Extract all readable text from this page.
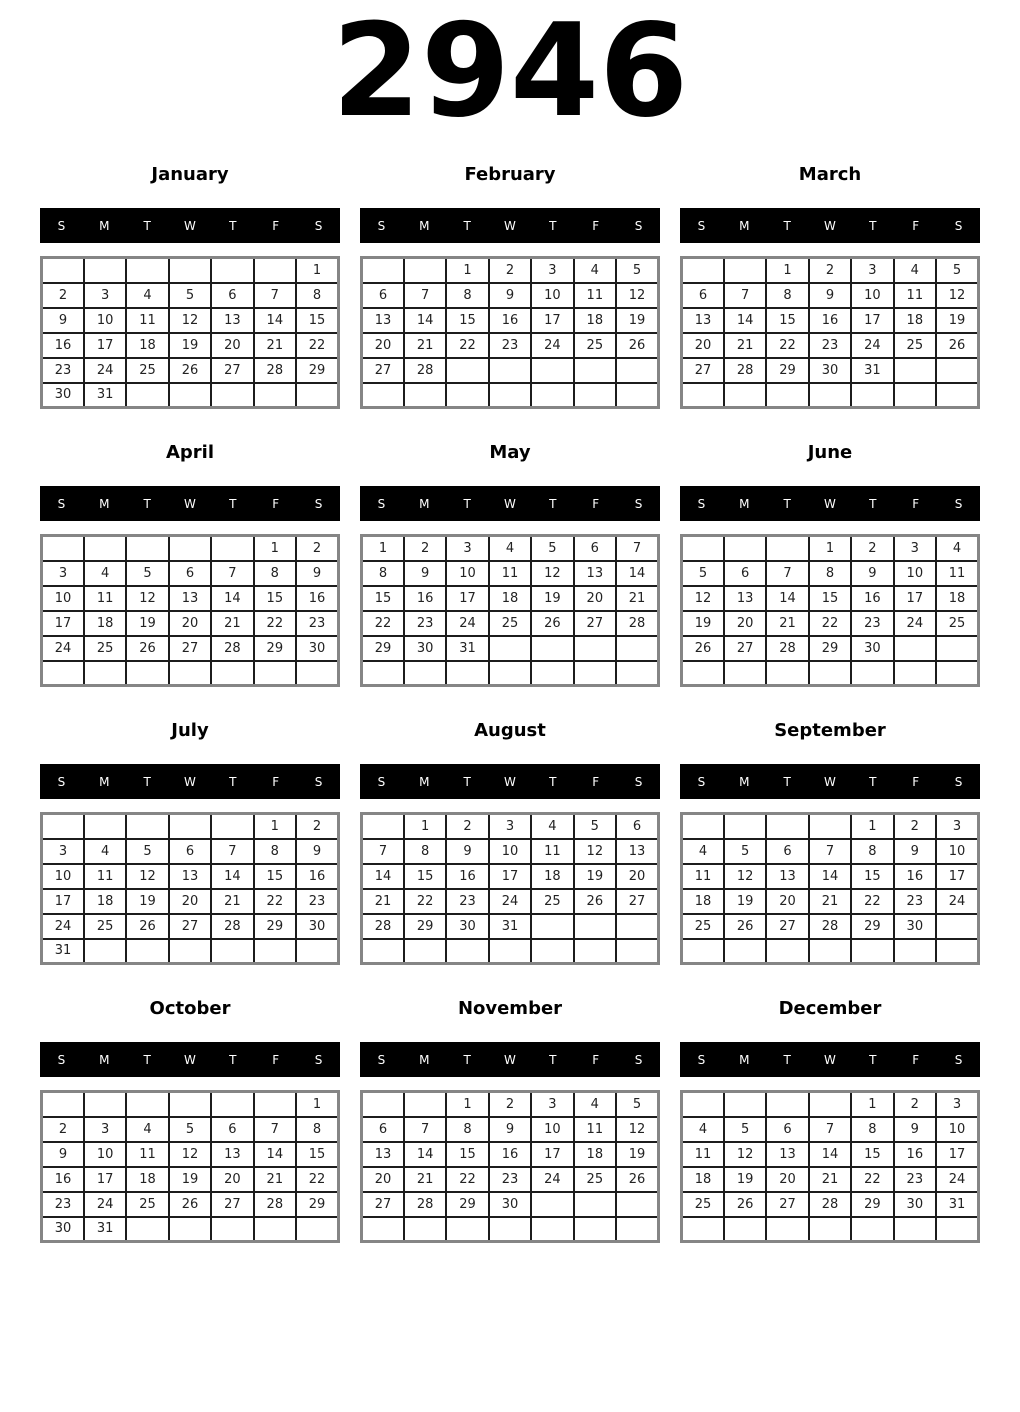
2946
January
S	M	T	W	T	F	S
						1
2	3	4	5	6	7	8
9	10	11	12	13	14	15
16	17	18	19	20	21	22
23	24	25	26	27	28	29
30	31					
February
S	M	T	W	T	F	S
		1	2	3	4	5
6	7	8	9	10	11	12
13	14	15	16	17	18	19
20	21	22	23	24	25	26
27	28					

March
S	M	T	W	T	F	S
		1	2	3	4	5
6	7	8	9	10	11	12
13	14	15	16	17	18	19
20	21	22	23	24	25	26
27	28	29	30	31		

April
S	M	T	W	T	F	S
					1	2
3	4	5	6	7	8	9
10	11	12	13	14	15	16
17	18	19	20	21	22	23
24	25	26	27	28	29	30

May
S	M	T	W	T	F	S
1	2	3	4	5	6	7
8	9	10	11	12	13	14
15	16	17	18	19	20	21
22	23	24	25	26	27	28
29	30	31				

June
S	M	T	W	T	F	S
			1	2	3	4
5	6	7	8	9	10	11
12	13	14	15	16	17	18
19	20	21	22	23	24	25
26	27	28	29	30		

July
S	M	T	W	T	F	S
					1	2
3	4	5	6	7	8	9
10	11	12	13	14	15	16
17	18	19	20	21	22	23
24	25	26	27	28	29	30
31						
August
S	M	T	W	T	F	S
	1	2	3	4	5	6
7	8	9	10	11	12	13
14	15	16	17	18	19	20
21	22	23	24	25	26	27
28	29	30	31			

September
S	M	T	W	T	F	S
				1	2	3
4	5	6	7	8	9	10
11	12	13	14	15	16	17
18	19	20	21	22	23	24
25	26	27	28	29	30	

October
S	M	T	W	T	F	S
						1
2	3	4	5	6	7	8
9	10	11	12	13	14	15
16	17	18	19	20	21	22
23	24	25	26	27	28	29
30	31					
November
S	M	T	W	T	F	S
		1	2	3	4	5
6	7	8	9	10	11	12
13	14	15	16	17	18	19
20	21	22	23	24	25	26
27	28	29	30			

December
S	M	T	W	T	F	S
				1	2	3
4	5	6	7	8	9	10
11	12	13	14	15	16	17
18	19	20	21	22	23	24
25	26	27	28	29	30	31
